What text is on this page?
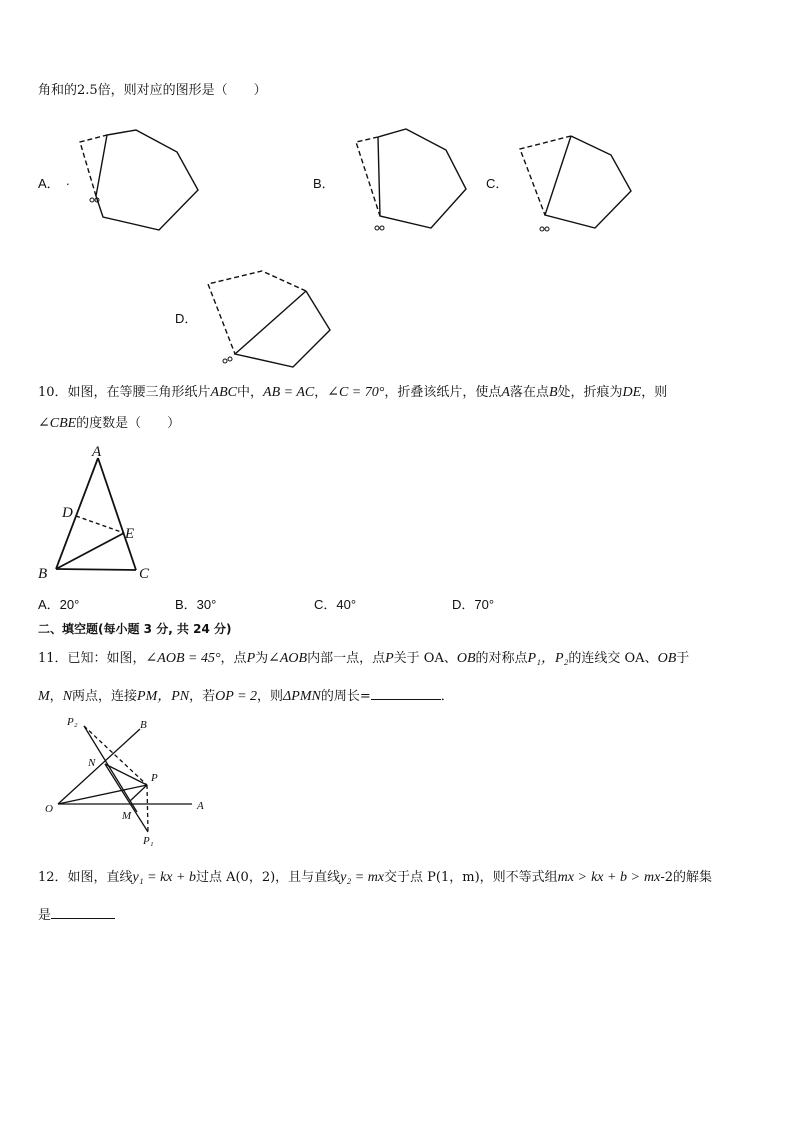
角和的2.5倍，则对应的图形是（　　）
A． .	B．	C．
D．
10．如图，在等腰三角形纸片ABC中，AB = AC，∠C = 70°，折叠该纸片，使点A落在点B处，折痕为DE，则
∠CBE的度数是（　　）
A
D
E
B	C
A．20°	B．30°	C．40°	D．70°
二、填空题(每小题 3 分, 共 24 分)
11．已知：如图，∠AOB = 45°，点P为∠AOB内部一点，点P关于 OA、OB的对称点P₁，P₂的连线交 OA、OB于
M，N两点，连接PM，PN，若OP = 2，则ΔPMN的周长=	．
P₂	B
N
P
O
M
A
P₁
12．如图，直线y₁ = kx + b过点 A(0，2)，且与直线y₂ = mx交于点 P(1，m)，则不等式组mx > kx + b > mx-2的解集
是
